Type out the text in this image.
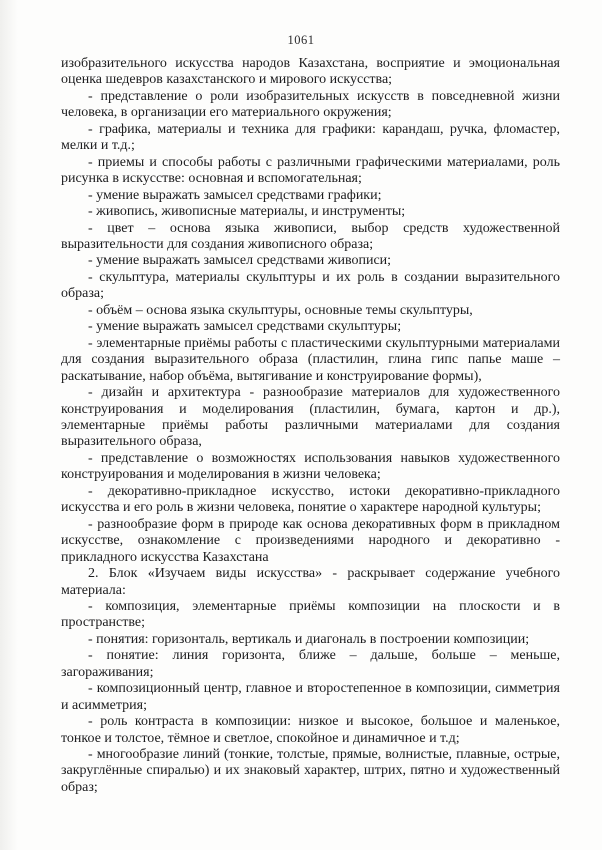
1061

изобразительного искусства народов Казахстана, восприятие и эмоциональная оценка шедевров казахстанского и мирового искусства;

- представление о роли изобразительных искусств в повседневной жизни человека, в организации его материального окружения;

- графика, материалы и техника для графики: карандаш, ручка, фломастер, мелки и т.д.;

- приемы и способы работы с различными графическими материалами, роль рисунка в искусстве: основная и вспомогательная;

- умение выражать замысел средствами графики;

- живопись, живописные материалы, и инструменты;

- цвет – основа языка живописи, выбор средств художественной выразительности для создания живописного образа;

- умение выражать замысел средствами живописи;

- скульптура, материалы скульптуры и их роль в создании выразительного образа;

- объём – основа языка скульптуры, основные темы скульптуры,

- умение выражать замысел средствами скульптуры;

- элементарные приёмы работы с пластическими скульптурными материалами для создания выразительного образа (пластилин, глина гипс папье маше – раскатывание, набор объёма, вытягивание и конструирование формы),

- дизайн и архитектура - разнообразие материалов для художественного конструирования и моделирования (пластилин, бумага, картон и др.), элементарные приёмы работы различными материалами для создания выразительного образа,

- представление о возможностях использования навыков художественного конструирования и моделирования в жизни человека;

- декоративно-прикладное искусство, истоки декоративно-прикладного искусства и его роль в жизни человека, понятие о характере народной культуры;

- разнообразие форм в природе как основа декоративных форм в прикладном искусстве, ознакомление с произведениями народного и декоративно - прикладного искусства Казахстана

2. Блок «Изучаем виды искусства» - раскрывает содержание учебного материала:

- композиция, элементарные приёмы композиции на плоскости и в пространстве;

- понятия: горизонталь, вертикаль и диагональ в построении композиции;

- понятие: линия горизонта, ближе – дальше, больше – меньше, загораживания;

- композиционный центр, главное и второстепенное в композиции, симметрия и асимметрия;

- роль контраста в композиции: низкое и высокое, большое и маленькое, тонкое и толстое, тёмное и светлое, спокойное и динамичное и т.д;

- многообразие линий (тонкие, толстые, прямые, волнистые, плавные, острые, закруглённые спиралью) и их знаковый характер, штрих, пятно и художественный образ;
